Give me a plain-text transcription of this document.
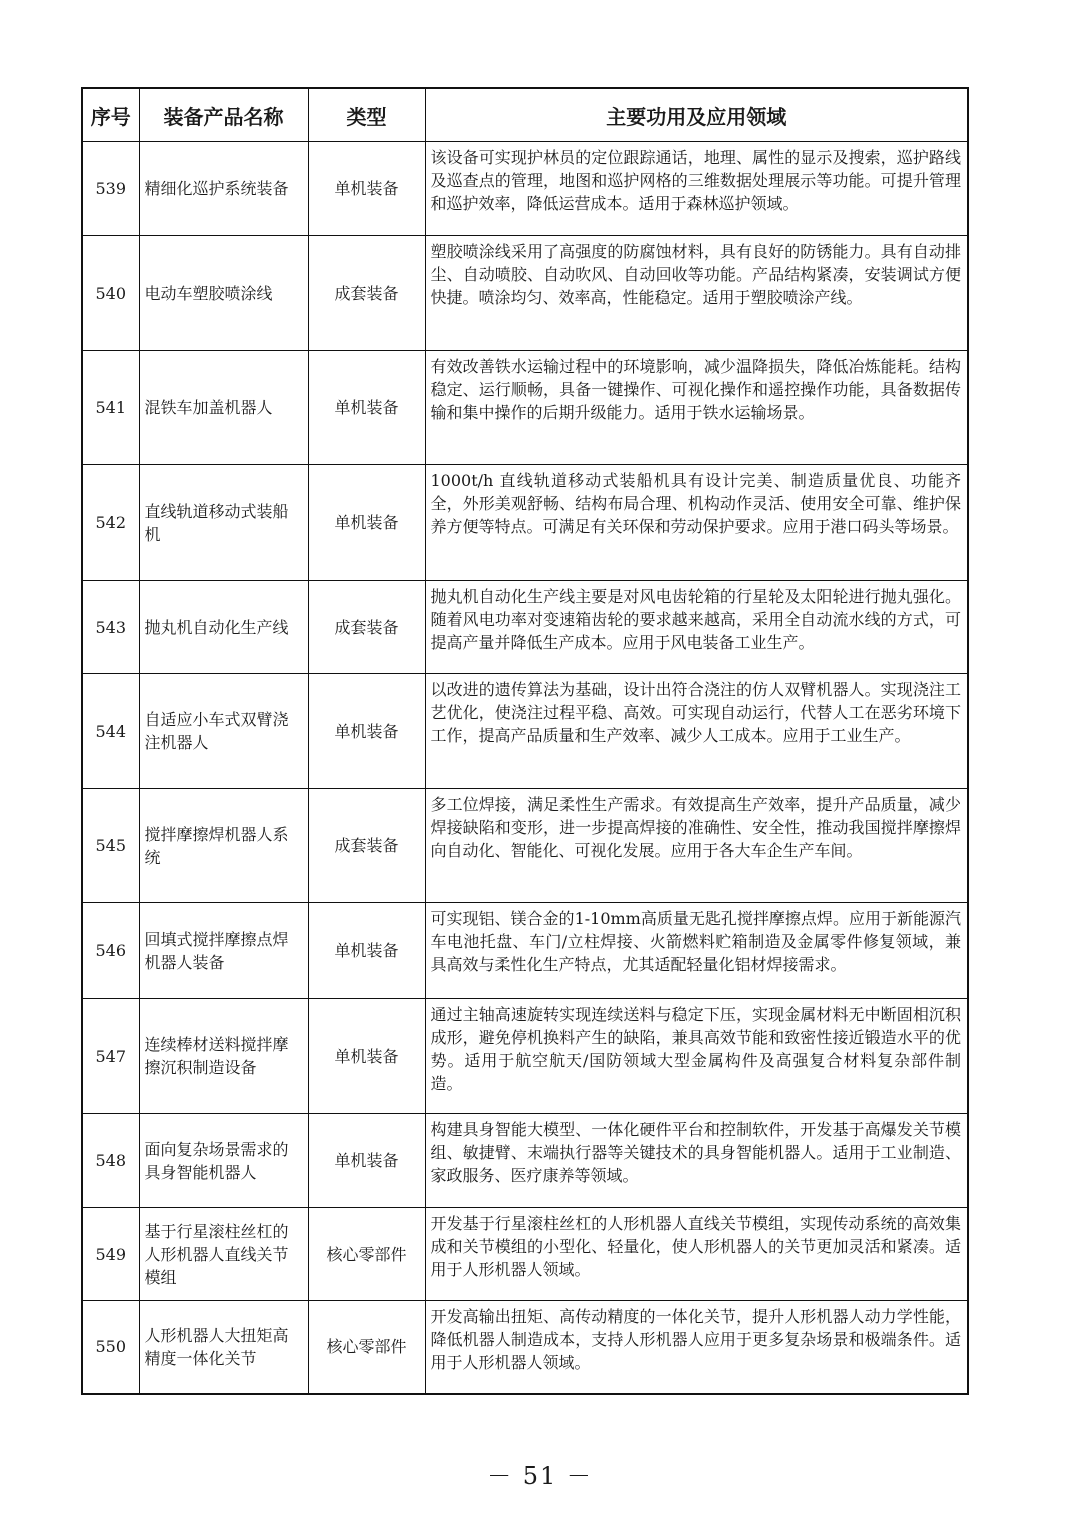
序号	装备产品名称	类型	主要功用及应用领域
539	精细化巡护系统装备	单机装备	该设备可实现护林员的定位跟踪通话，地理、属性的显示及搜索，巡护路线及巡查点的管理，地图和巡护网格的三维数据处理展示等功能。可提升管理和巡护效率，降低运营成本。适用于森林巡护领域。
540	电动车塑胶喷涂线	成套装备	塑胶喷涂线采用了高强度的防腐蚀材料，具有良好的防锈能力。具有自动排尘、自动喷胶、自动吹风、自动回收等功能。产品结构紧凑，安装调试方便快捷。喷涂均匀、效率高，性能稳定。适用于塑胶喷涂产线。
541	混铁车加盖机器人	单机装备	有效改善铁水运输过程中的环境影响，减少温降损失，降低冶炼能耗。结构稳定、运行顺畅，具备一键操作、可视化操作和遥控操作功能，具备数据传输和集中操作的后期升级能力。适用于铁水运输场景。
542	直线轨道移动式装船机	单机装备	1000t/h 直线轨道移动式装船机具有设计完美、制造质量优良、功能齐全，外形美观舒畅、结构布局合理、机构动作灵活、使用安全可靠、维护保养方便等特点。可满足有关环保和劳动保护要求。应用于港口码头等场景。
543	抛丸机自动化生产线	成套装备	抛丸机自动化生产线主要是对风电齿轮箱的行星轮及太阳轮进行抛丸强化。随着风电功率对变速箱齿轮的要求越来越高，采用全自动流水线的方式，可提高产量并降低生产成本。应用于风电装备工业生产。
544	自适应小车式双臂浇注机器人	单机装备	以改进的遗传算法为基础，设计出符合浇注的仿人双臂机器人。实现浇注工艺优化，使浇注过程平稳、高效。可实现自动运行，代替人工在恶劣环境下工作，提高产品质量和生产效率、减少人工成本。应用于工业生产。
545	搅拌摩擦焊机器人系统	成套装备	多工位焊接，满足柔性生产需求。有效提高生产效率，提升产品质量，减少焊接缺陷和变形，进一步提高焊接的准确性、安全性，推动我国搅拌摩擦焊向自动化、智能化、可视化发展。应用于各大车企生产车间。
546	回填式搅拌摩擦点焊机器人装备	单机装备	可实现铝、镁合金的1-10mm高质量无匙孔搅拌摩擦点焊。应用于新能源汽车电池托盘、车门/立柱焊接、火箭燃料贮箱制造及金属零件修复领域，兼具高效与柔性化生产特点，尤其适配轻量化铝材焊接需求。
547	连续棒材送料搅拌摩擦沉积制造设备	单机装备	通过主轴高速旋转实现连续送料与稳定下压，实现金属材料无中断固相沉积成形，避免停机换料产生的缺陷，兼具高效节能和致密性接近锻造水平的优势。适用于航空航天/国防领域大型金属构件及高强复合材料复杂部件制造。
548	面向复杂场景需求的具身智能机器人	单机装备	构建具身智能大模型、一体化硬件平台和控制软件，开发基于高爆发关节模组、敏捷臂、末端执行器等关键技术的具身智能机器人。适用于工业制造、家政服务、医疗康养等领域。
549	基于行星滚柱丝杠的人形机器人直线关节模组	核心零部件	开发基于行星滚柱丝杠的人形机器人直线关节模组，实现传动系统的高效集成和关节模组的小型化、轻量化，使人形机器人的关节更加灵活和紧凑。适用于人形机器人领域。
550	人形机器人大扭矩高精度一体化关节	核心零部件	开发高输出扭矩、高传动精度的一体化关节，提升人形机器人动力学性能，降低机器人制造成本，支持人形机器人应用于更多复杂场景和极端条件。适用于人形机器人领域。
－ 51 －
